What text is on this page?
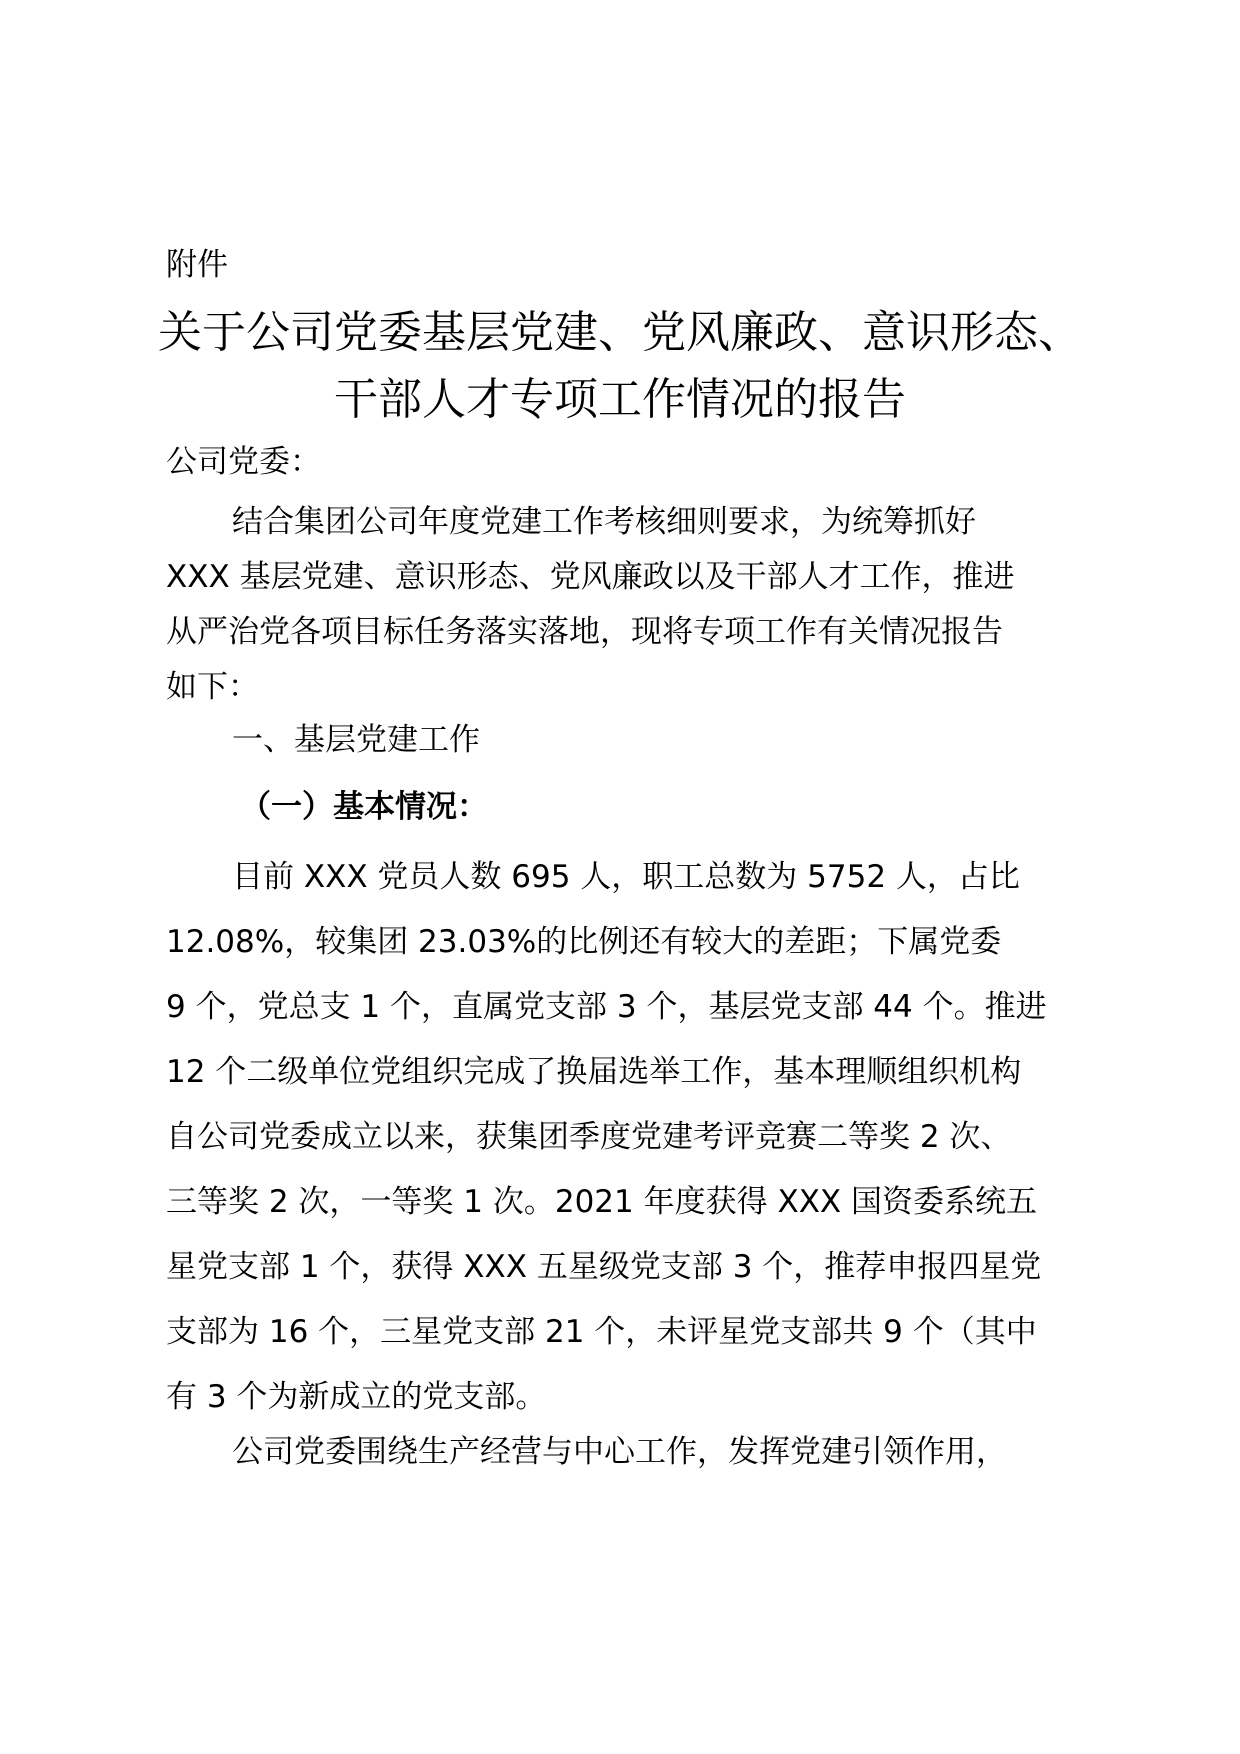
附件
关于公司党委基层党建、党风廉政、意识形态、
干部人才专项工作情况的报告
公司党委：
结合集团公司年度党建工作考核细则要求，为统筹抓好
XXX 基层党建、意识形态、党风廉政以及干部人才工作，推进
从严治党各项目标任务落实落地，现将专项工作有关情况报告
如下：
一、基层党建工作
（一）基本情况：
目前 XXX 党员人数 695 人，职工总数为 5752 人，占比
12.08%，较集团 23.03%的比例还有较大的差距；下属党委
9 个，党总支 1 个，直属党支部 3 个，基层党支部 44 个。推进
12 个二级单位党组织完成了换届选举工作，基本理顺组织机构
自公司党委成立以来，获集团季度党建考评竞赛二等奖 2 次、
三等奖 2 次，一等奖 1 次。2021 年度获得 XXX 国资委系统五
星党支部 1 个，获得 XXX 五星级党支部 3 个，推荐申报四星党
支部为 16 个，三星党支部 21 个，未评星党支部共 9 个（其中
有 3 个为新成立的党支部。
公司党委围绕生产经营与中心工作，发挥党建引领作用，
